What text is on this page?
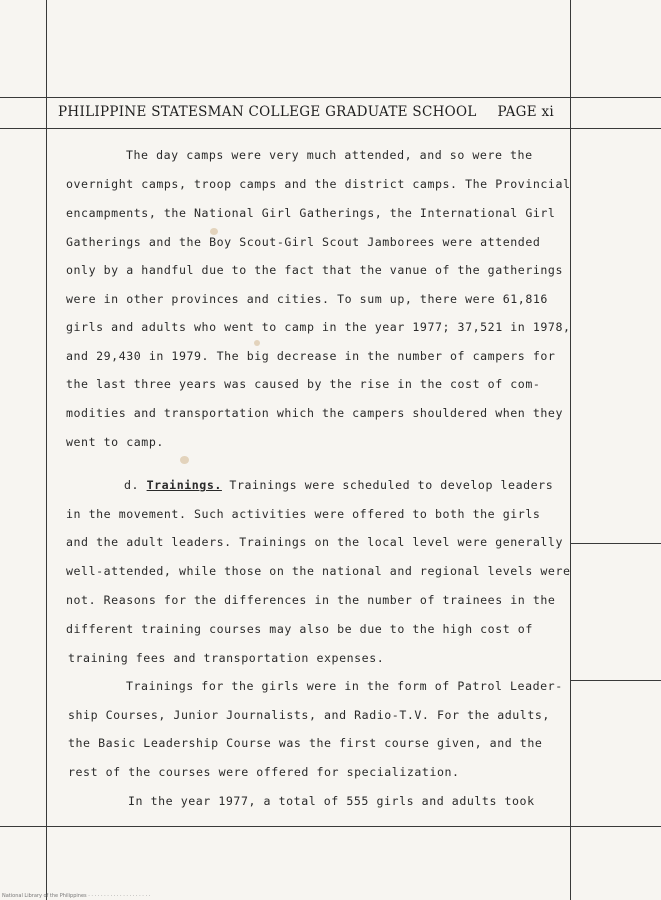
PHILIPPINE STATESMAN COLLEGE GRADUATE SCHOOL PAGE xi
The day camps were very much attended, and so were the
overnight camps, troop camps and the district camps. The Provincial
encampments, the National Girl Gatherings, the International Girl
Gatherings and the Boy Scout-Girl Scout Jamborees were attended
only by a handful due to the fact that the vanue of the gatherings
were in other provinces and cities. To sum up, there were 61,816
girls and adults who went to camp in the year 1977; 37,521 in 1978,
and 29,430 in 1979. The big decrease in the number of campers for
the last three years was caused by the rise in the cost of com-
modities and transportation which the campers shouldered when they
went to camp.
d. Trainings. Trainings were scheduled to develop leaders
in the movement. Such activities were offered to both the girls
and the adult leaders. Trainings on the local level were generally
well-attended, while those on the national and regional levels were
not. Reasons for the differences in the number of trainees in the
different training courses may also be due to the high cost of
training fees and transportation expenses.
Trainings for the girls were in the form of Patrol Leader-
ship Courses, Junior Journalists, and Radio-T.V. For the adults,
the Basic Leadership Course was the first course given, and the
rest of the courses were offered for specialization.
In the year 1977, a total of 555 girls and adults took
National Library of the Philippines · · · · · · · · · · · · · · · · · · · ·
